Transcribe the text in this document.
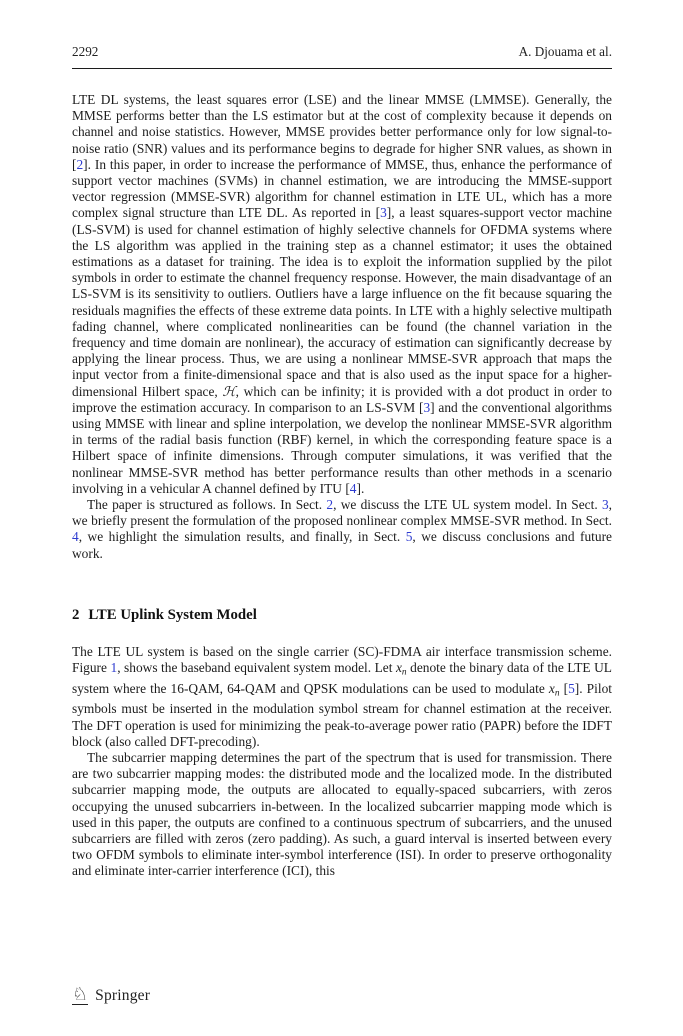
2292	A. Djouama et al.

LTE DL systems, the least squares error (LSE) and the linear MMSE (LMMSE). Generally, the MMSE performs better than the LS estimator but at the cost of complexity because it depends on channel and noise statistics. However, MMSE provides better performance only for low signal-to-noise ratio (SNR) values and its performance begins to degrade for higher SNR values, as shown in [2]. In this paper, in order to increase the performance of MMSE, thus, enhance the performance of support vector machines (SVMs) in channel estimation, we are introducing the MMSE-support vector regression (MMSE-SVR) algorithm for channel estimation in LTE UL, which has a more complex signal structure than LTE DL. As reported in [3], a least squares-support vector machine (LS-SVM) is used for channel estimation of highly selective channels for OFDMA systems where the LS algorithm was applied in the training step as a channel estimator; it uses the obtained estimations as a dataset for training. The idea is to exploit the information supplied by the pilot symbols in order to estimate the channel frequency response. However, the main disadvantage of an LS-SVM is its sensitivity to outliers. Outliers have a large influence on the fit because squaring the residuals magnifies the effects of these extreme data points. In LTE with a highly selective multipath fading channel, where complicated nonlinearities can be found (the channel variation in the frequency and time domain are nonlinear), the accuracy of estimation can significantly decrease by applying the linear process. Thus, we are using a nonlinear MMSE-SVR approach that maps the input vector from a finite-dimensional space and that is also used as the input space for a higher-dimensional Hilbert space, ℋ, which can be infinity; it is provided with a dot product in order to improve the estimation accuracy. In comparison to an LS-SVM [3] and the conventional algorithms using MMSE with linear and spline interpolation, we develop the nonlinear MMSE-SVR algorithm in terms of the radial basis function (RBF) kernel, in which the corresponding feature space is a Hilbert space of infinite dimensions. Through computer simulations, it was verified that the nonlinear MMSE-SVR method has better performance results than other methods in a scenario involving in a vehicular A channel defined by ITU [4].

The paper is structured as follows. In Sect. 2, we discuss the LTE UL system model. In Sect. 3, we briefly present the formulation of the proposed nonlinear complex MMSE-SVR method. In Sect. 4, we highlight the simulation results, and finally, in Sect. 5, we discuss conclusions and future work.

2 LTE Uplink System Model

The LTE UL system is based on the single carrier (SC)-FDMA air interface transmission scheme. Figure 1, shows the baseband equivalent system model. Let xn denote the binary data of the LTE UL system where the 16-QAM, 64-QAM and QPSK modulations can be used to modulate xn [5]. Pilot symbols must be inserted in the modulation symbol stream for channel estimation at the receiver. The DFT operation is used for minimizing the peak-to-average power ratio (PAPR) before the IDFT block (also called DFT-precoding).

The subcarrier mapping determines the part of the spectrum that is used for transmission. There are two subcarrier mapping modes: the distributed mode and the localized mode. In the distributed subcarrier mapping mode, the outputs are allocated to equally-spaced subcarriers, with zeros occupying the unused subcarriers in-between. In the localized subcarrier mapping mode which is used in this paper, the outputs are confined to a continuous spectrum of subcarriers, and the unused subcarriers are filled with zeros (zero padding). As such, a guard interval is inserted between every two OFDM symbols to eliminate inter-symbol interference (ISI). In order to preserve orthogonality and eliminate inter-carrier interference (ICI), this

♘ Springer
